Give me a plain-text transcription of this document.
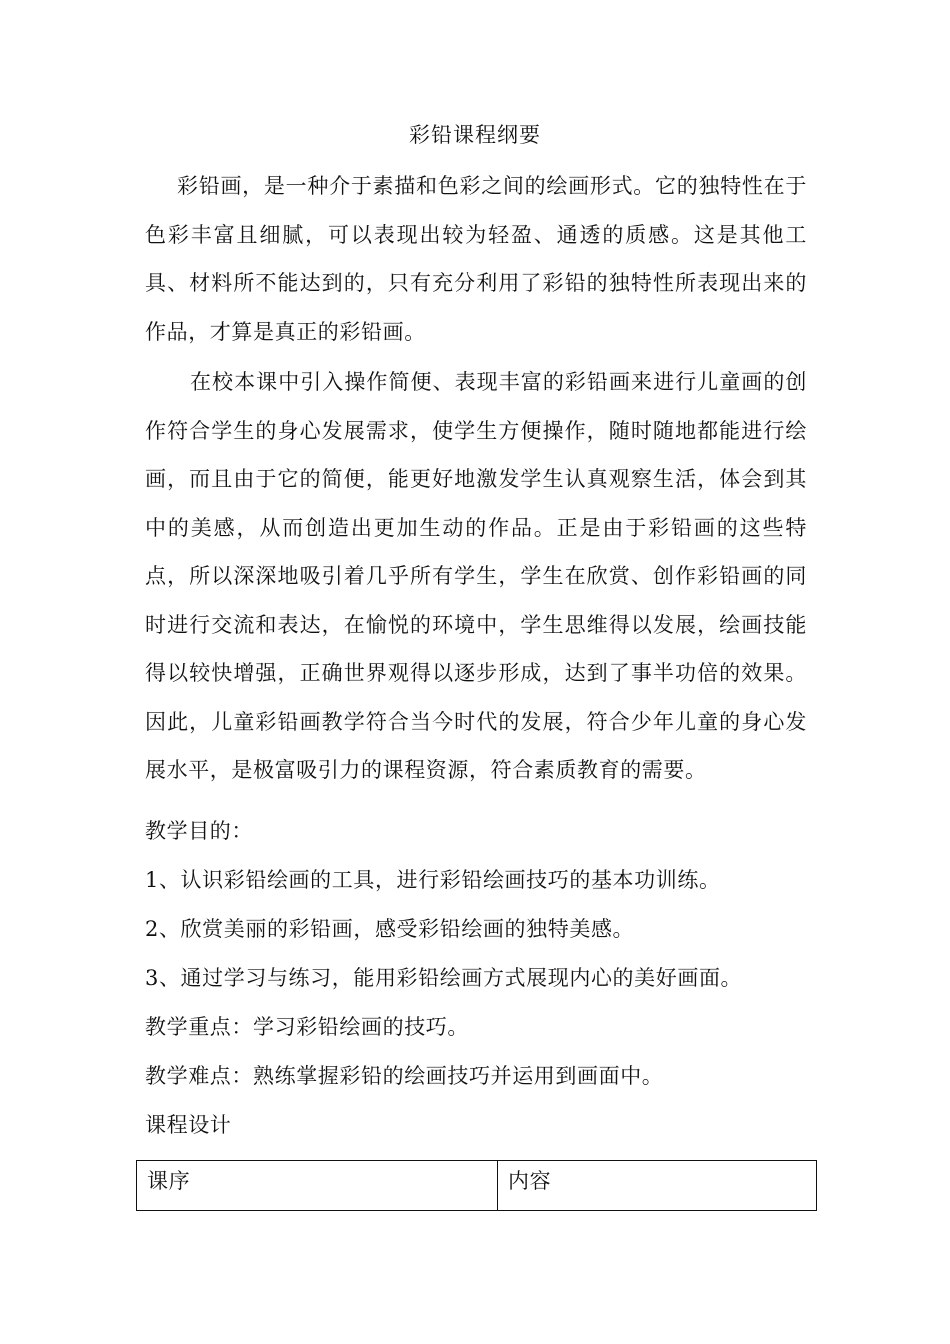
彩铅课程纲要

彩铅画，是一种介于素描和色彩之间的绘画形式。它的独特性在于色彩丰富且细腻，可以表现出较为轻盈、通透的质感。这是其他工具、材料所不能达到的，只有充分利用了彩铅的独特性所表现出来的作品，才算是真正的彩铅画。

在校本课中引入操作简便、表现丰富的彩铅画来进行儿童画的创作符合学生的身心发展需求，使学生方便操作，随时随地都能进行绘画，而且由于它的简便，能更好地激发学生认真观察生活，体会到其中的美感，从而创造出更加生动的作品。正是由于彩铅画的这些特点，所以深深地吸引着几乎所有学生，学生在欣赏、创作彩铅画的同时进行交流和表达，在愉悦的环境中，学生思维得以发展，绘画技能得以较快增强，正确世界观得以逐步形成，达到了事半功倍的效果。因此，儿童彩铅画教学符合当今时代的发展，符合少年儿童的身心发展水平，是极富吸引力的课程资源，符合素质教育的需要。

教学目的：
1、认识彩铅绘画的工具，进行彩铅绘画技巧的基本功训练。
2、欣赏美丽的彩铅画，感受彩铅绘画的独特美感。
3、通过学习与练习，能用彩铅绘画方式展现内心的美好画面。
教学重点：学习彩铅绘画的技巧。
教学难点：熟练掌握彩铅的绘画技巧并运用到画面中。
课程设计
课序	内容
